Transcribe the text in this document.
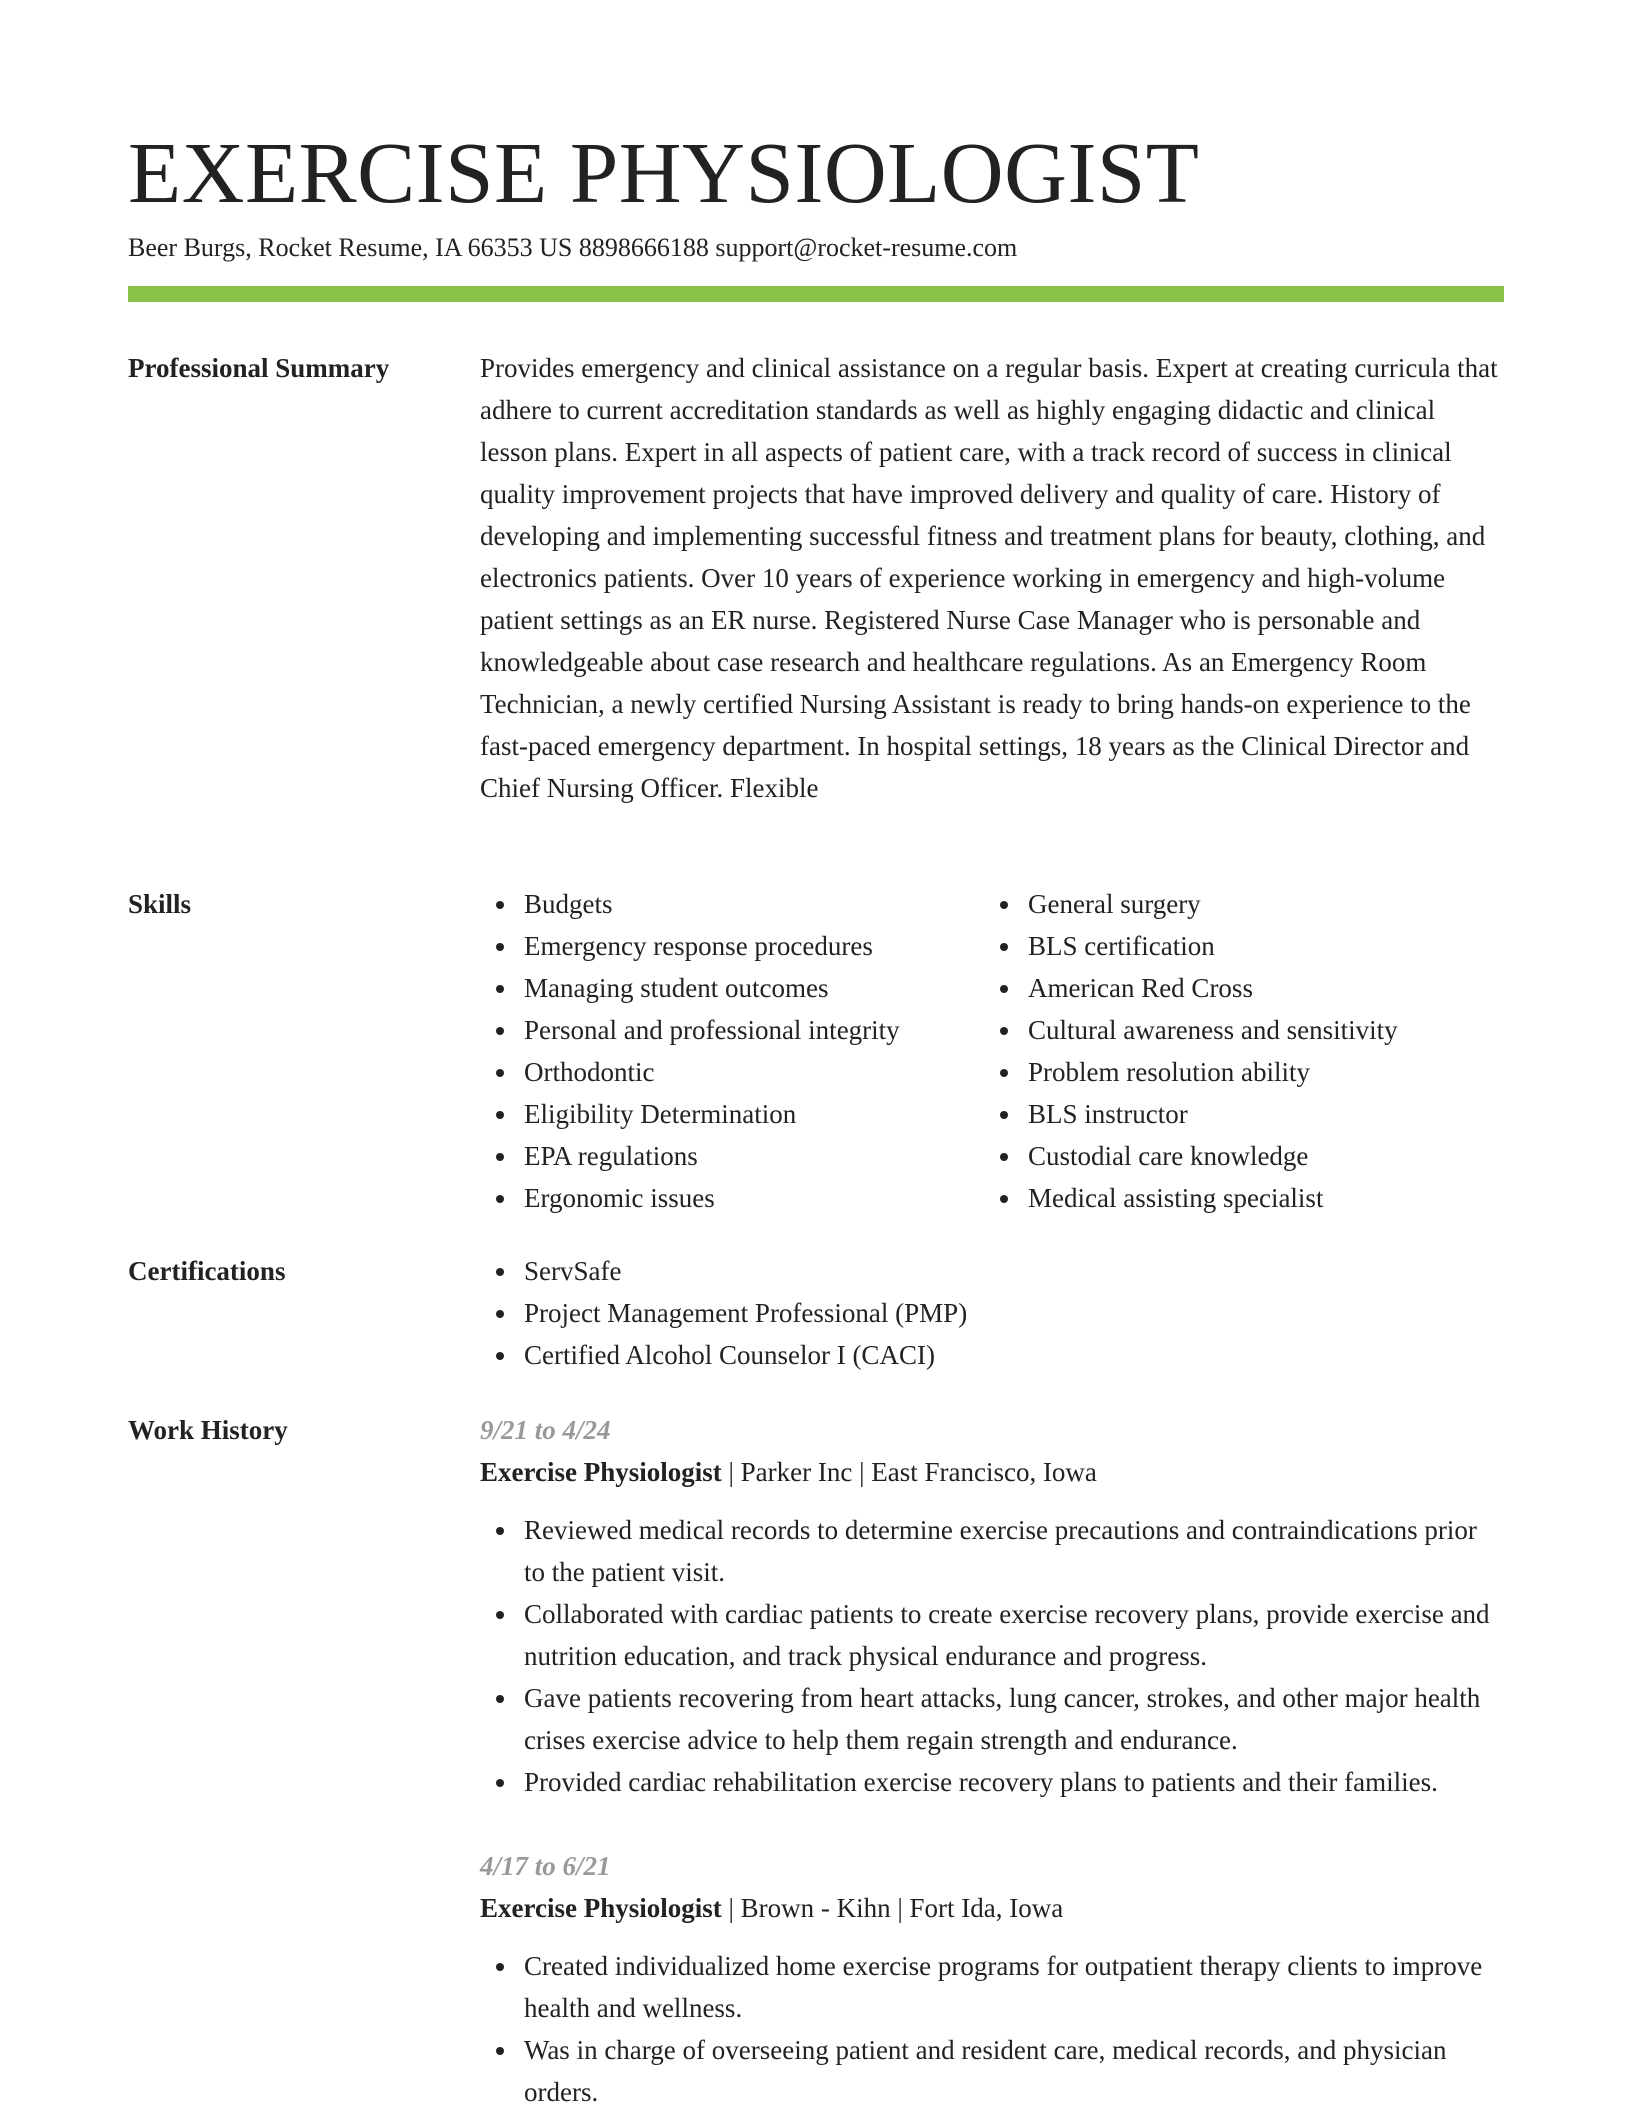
EXERCISE PHYSIOLOGIST
Beer Burgs, Rocket Resume, IA 66353 US 8898666188 support@rocket-resume.com
Professional Summary	Provides emergency and clinical assistance on a regular basis. Expert at creating curricula that adhere to current accreditation standards as well as highly engaging didactic and clinical lesson plans. Expert in all aspects of patient care, with a track record of success in clinical quality improvement projects that have improved delivery and quality of care. History of developing and implementing successful fitness and treatment plans for beauty, clothing, and electronics patients. Over 10 years of experience working in emergency and high-volume patient settings as an ER nurse. Registered Nurse Case Manager who is personable and knowledgeable about case research and healthcare regulations. As an Emergency Room Technician, a newly certified Nursing Assistant is ready to bring hands-on experience to the fast-paced emergency department. In hospital settings, 18 years as the Clinical Director and Chief Nursing Officer. Flexible

Skills	Budgets
Emergency response procedures
Managing student outcomes
Personal and professional integrity
Orthodontic
Eligibility Determination
EPA regulations
Ergonomic issues
General surgery
BLS certification
American Red Cross
Cultural awareness and sensitivity
Problem resolution ability
BLS instructor
Custodial care knowledge
Medical assisting specialist
Certifications	ServSafe
Project Management Professional (PMP)
Certified Alcohol Counselor I (CACI)
Work History	9/21 to 4/24
Exercise Physiologist | Parker Inc | East Francisco, Iowa
Reviewed medical records to determine exercise precautions and contraindications prior to the patient visit.
Collaborated with cardiac patients to create exercise recovery plans, provide exercise and nutrition education, and track physical endurance and progress.
Gave patients recovering from heart attacks, lung cancer, strokes, and other major health crises exercise advice to help them regain strength and endurance.
Provided cardiac rehabilitation exercise recovery plans to patients and their families.
4/17 to 6/21
Exercise Physiologist | Brown - Kihn | Fort Ida, Iowa
Created individualized home exercise programs for outpatient therapy clients to improve health and wellness.
Was in charge of overseeing patient and resident care, medical records, and physician orders.
